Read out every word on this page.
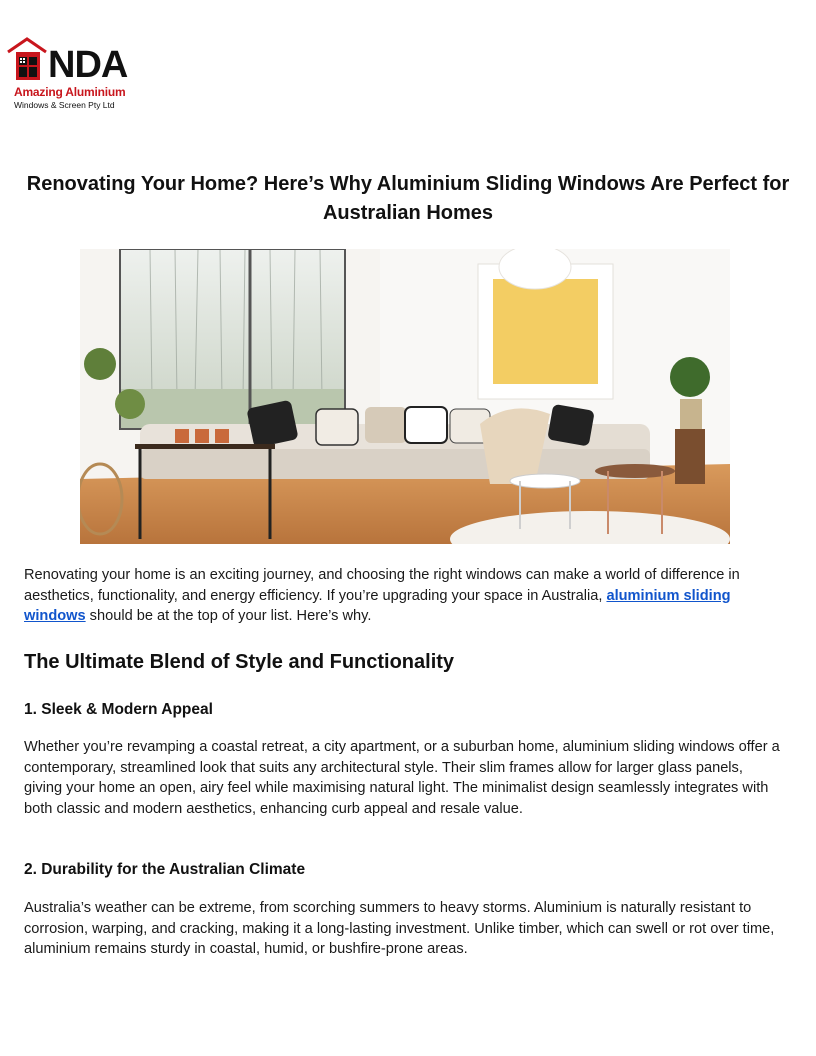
NDA
Amazing Aluminium
Windows & Screen Pty Ltd
Renovating Your Home? Here’s Why Aluminium Sliding Windows Are Perfect for Australian Homes

Renovating your home is an exciting journey, and choosing the right windows can make a world of difference in aesthetics, functionality, and energy efficiency. If you’re upgrading your space in Australia, aluminium sliding windows should be at the top of your list. Here’s why.

The Ultimate Blend of Style and Functionality
1. Sleek & Modern Appeal

Whether you’re revamping a coastal retreat, a city apartment, or a suburban home, aluminium sliding windows offer a contemporary, streamlined look that suits any architectural style. Their slim frames allow for larger glass panels, giving your home an open, airy feel while maximising natural light. The minimalist design seamlessly integrates with both classic and modern aesthetics, enhancing curb appeal and resale value.

2. Durability for the Australian Climate

Australia’s weather can be extreme, from scorching summers to heavy storms. Aluminium is naturally resistant to corrosion, warping, and cracking, making it a long-lasting investment. Unlike timber, which can swell or rot over time, aluminium remains sturdy in coastal, humid, or bushfire-prone areas.
